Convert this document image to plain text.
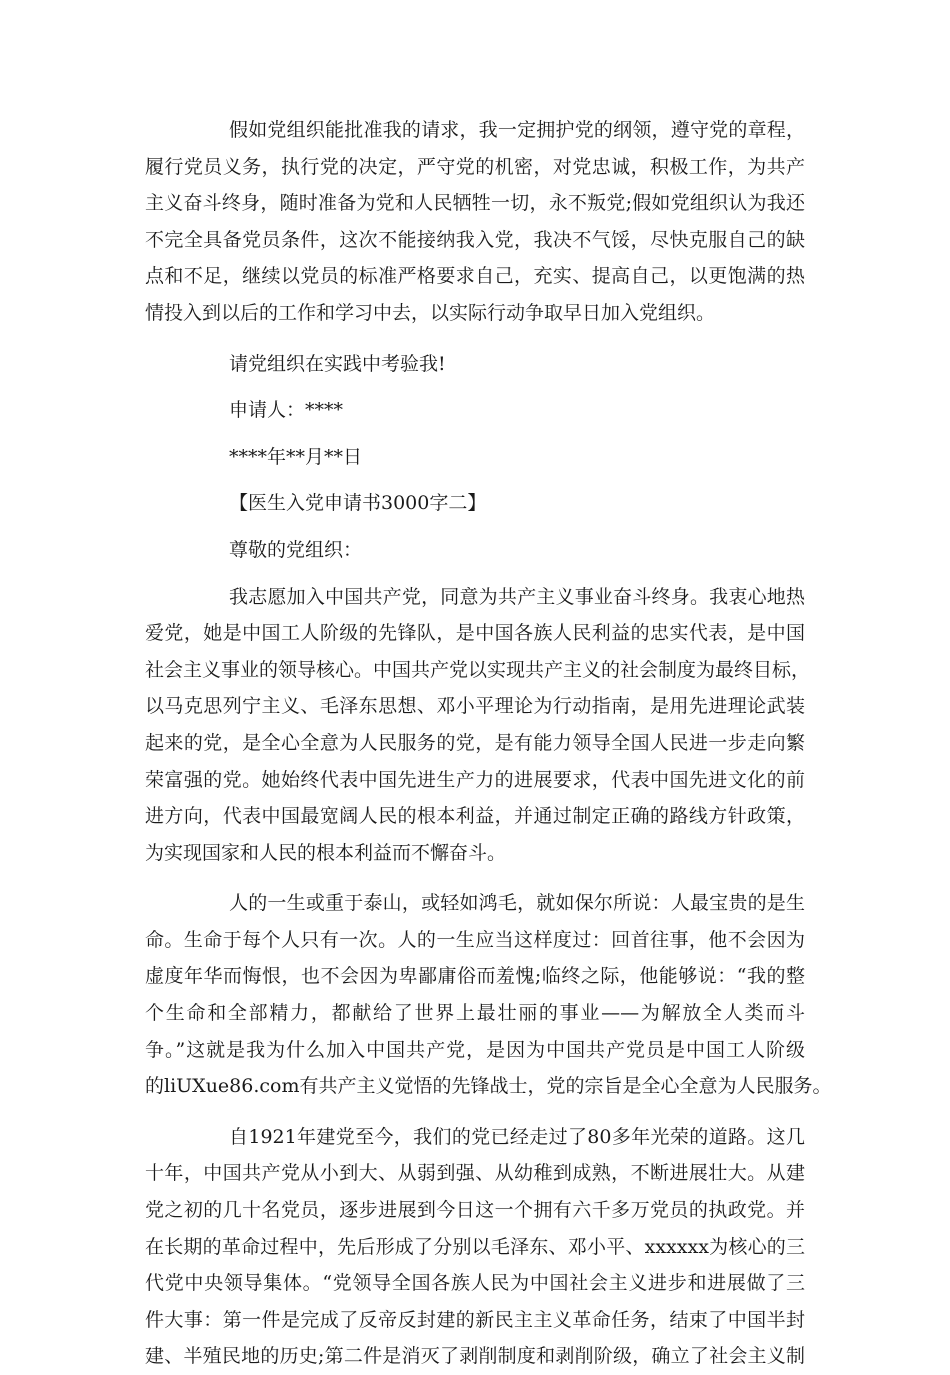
假如党组织能批准我的请求，我一定拥护党的纲领，遵守党的章程，
履行党员义务，执行党的决定，严守党的机密，对党忠诚，积极工作，为共产
主义奋斗终身，随时准备为党和人民牺牲一切，永不叛党;假如党组织认为我还
不完全具备党员条件，这次不能接纳我入党，我决不气馁，尽快克服自己的缺
点和不足，继续以党员的标准严格要求自己，充实、提高自己，以更饱满的热
情投入到以后的工作和学习中去，以实际行动争取早日加入党组织。

请党组织在实践中考验我!

申请人：****

****年**月**日

【医生入党申请书3000字二】

尊敬的党组织：

我志愿加入中国共产党，同意为共产主义事业奋斗终身。我衷心地热
爱党，她是中国工人阶级的先锋队，是中国各族人民利益的忠实代表，是中国
社会主义事业的领导核心。中国共产党以实现共产主义的社会制度为最终目标，
以马克思列宁主义、毛泽东思想、邓小平理论为行动指南，是用先进理论武装
起来的党，是全心全意为人民服务的党，是有能力领导全国人民进一步走向繁
荣富强的党。她始终代表中国先进生产力的进展要求，代表中国先进文化的前
进方向，代表中国最宽阔人民的根本利益，并通过制定正确的路线方针政策，
为实现国家和人民的根本利益而不懈奋斗。

人的一生或重于泰山，或轻如鸿毛，就如保尔所说：人最宝贵的是生
命。生命于每个人只有一次。人的一生应当这样度过：回首往事，他不会因为
虚度年华而悔恨，也不会因为卑鄙庸俗而羞愧;临终之际，他能够说：“我的整
个生命和全部精力，都献给了世界上最壮丽的事业——为解放全人类而斗
争。”这就是我为什么加入中国共产党，是因为中国共产党员是中国工人阶级
的liUXue86.com有共产主义觉悟的先锋战士，党的宗旨是全心全意为人民服务。

自1921年建党至今，我们的党已经走过了80多年光荣的道路。这几
十年，中国共产党从小到大、从弱到强、从幼稚到成熟，不断进展壮大。从建
党之初的几十名党员，逐步进展到今日这一个拥有六千多万党员的执政党。并
在长期的革命过程中，先后形成了分别以毛泽东、邓小平、xxxxxx为核心的三
代党中央领导集体。“党领导全国各族人民为中国社会主义进步和进展做了三
件大事：第一件是完成了反帝反封建的新民主主义革命任务，结束了中国半封
建、半殖民地的历史;第二件是消灭了剥削制度和剥削阶级，确立了社会主义制
